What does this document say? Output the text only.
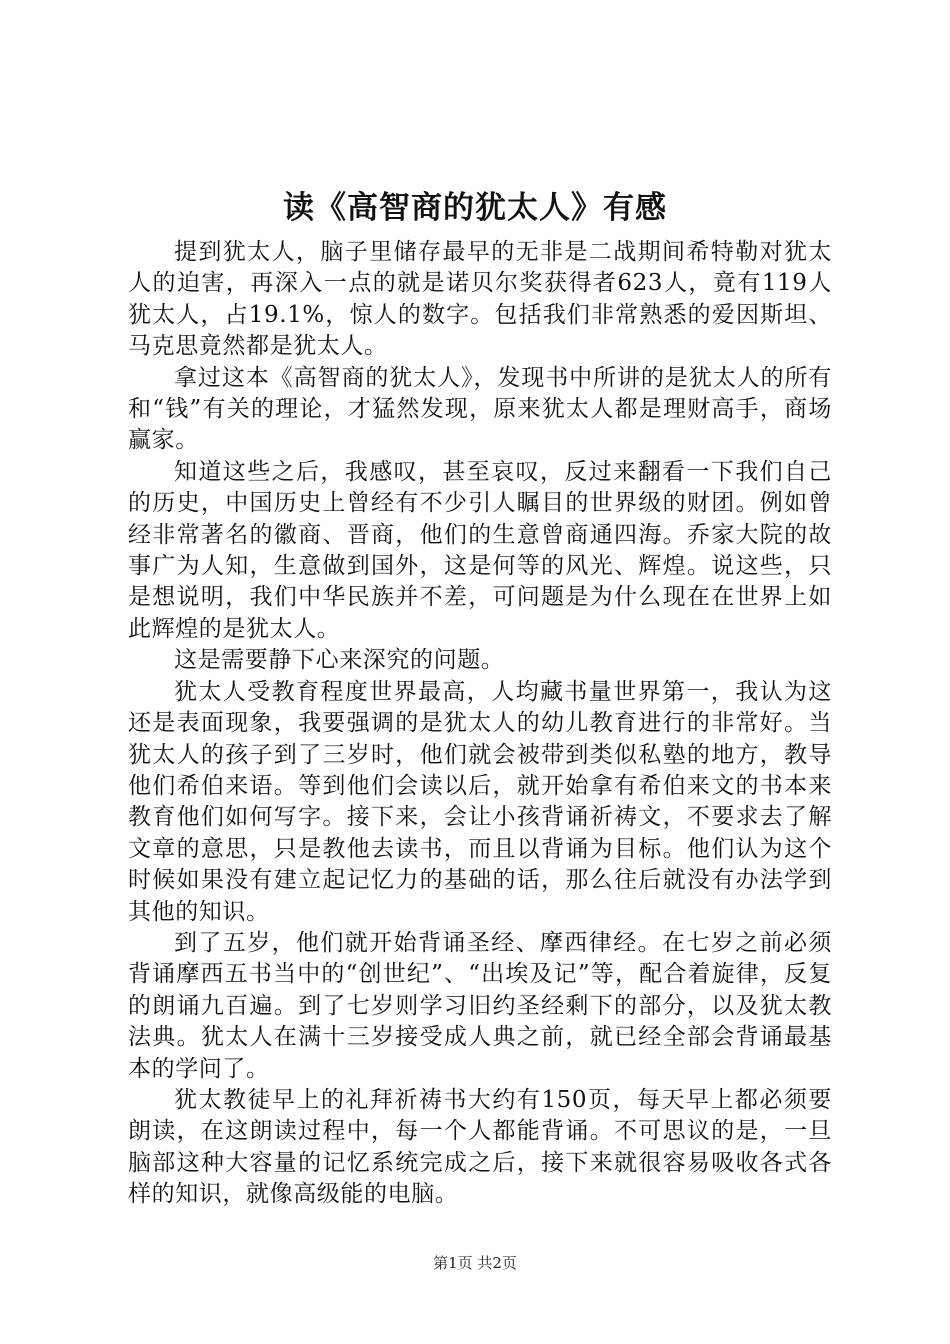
读《高智商的犹太人》有感

提到犹太人，脑子里储存最早的无非是二战期间希特勒对犹太人的迫害，再深入一点的就是诺贝尔奖获得者623人，竟有119人犹太人，占19.1%，惊人的数字。包括我们非常熟悉的爱因斯坦、马克思竟然都是犹太人。

拿过这本《高智商的犹太人》，发现书中所讲的是犹太人的所有和“钱”有关的理论，才猛然发现，原来犹太人都是理财高手，商场赢家。

知道这些之后，我感叹，甚至哀叹，反过来翻看一下我们自己的历史，中国历史上曾经有不少引人瞩目的世界级的财团。例如曾经非常著名的徽商、晋商，他们的生意曾商通四海。乔家大院的故事广为人知，生意做到国外，这是何等的风光、辉煌。说这些，只是想说明，我们中华民族并不差，可问题是为什么现在在世界上如此辉煌的是犹太人。

这是需要静下心来深究的问题。

犹太人受教育程度世界最高，人均藏书量世界第一，我认为这还是表面现象，我要强调的是犹太人的幼儿教育进行的非常好。当犹太人的孩子到了三岁时，他们就会被带到类似私塾的地方，教导他们希伯来语。等到他们会读以后，就开始拿有希伯来文的书本来教育他们如何写字。接下来，会让小孩背诵祈祷文，不要求去了解文章的意思，只是教他去读书，而且以背诵为目标。他们认为这个时候如果没有建立起记忆力的基础的话，那么往后就没有办法学到其他的知识。

到了五岁，他们就开始背诵圣经、摩西律经。在七岁之前必须背诵摩西五书当中的“创世纪”、“出埃及记”等，配合着旋律，反复的朗诵九百遍。到了七岁则学习旧约圣经剩下的部分，以及犹太教法典。犹太人在满十三岁接受成人典之前，就已经全部会背诵最基本的学问了。

犹太教徒早上的礼拜祈祷书大约有150页，每天早上都必须要朗读，在这朗读过程中，每一个人都能背诵。不可思议的是，一旦脑部这种大容量的记忆系统完成之后，接下来就很容易吸收各式各样的知识，就像高级能的电脑。

第1页 共2页
